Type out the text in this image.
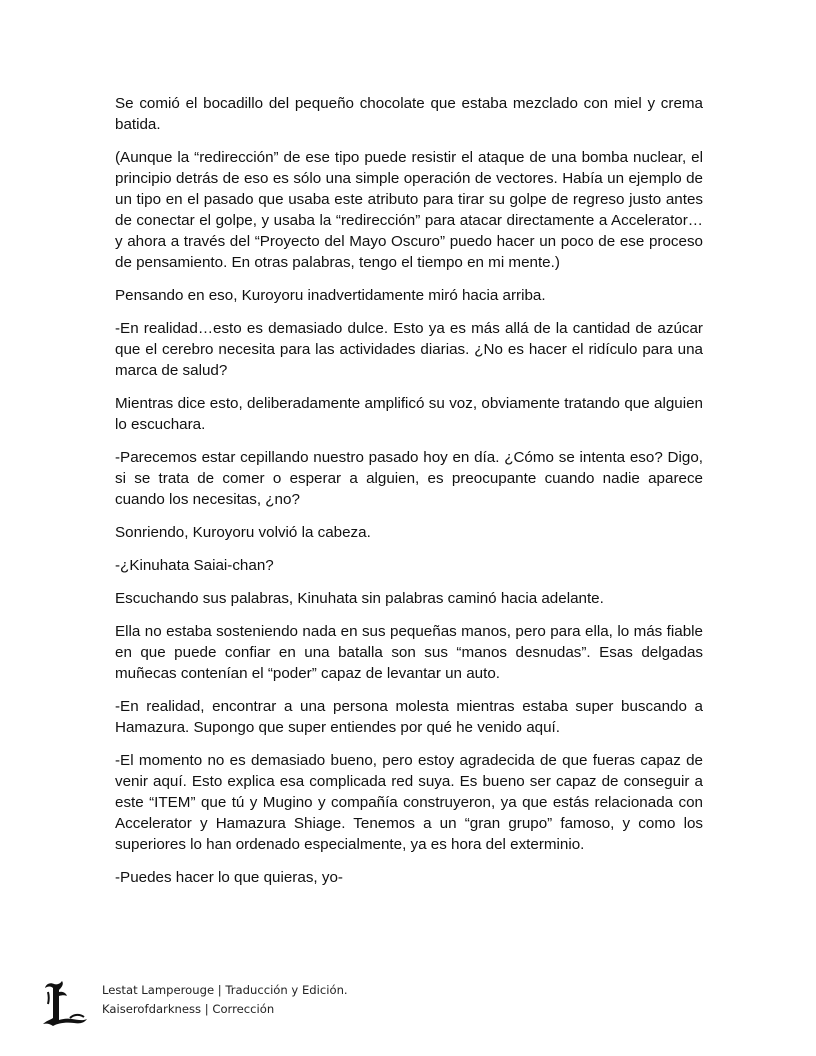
Se comió el bocadillo del pequeño chocolate que estaba mezclado con miel y crema batida.

(Aunque la “redirección” de ese tipo puede resistir el ataque de una bomba nuclear, el principio detrás de eso es sólo una simple operación de vectores. Había un ejemplo de un tipo en el pasado que usaba este atributo para tirar su golpe de regreso justo antes de conectar el golpe, y usaba la “redirección” para atacar directamente a Accelerator…y ahora a través del “Proyecto del Mayo Oscuro” puedo hacer un poco de ese proceso de pensamiento. En otras palabras, tengo el tiempo en mi mente.)

Pensando en eso, Kuroyoru inadvertidamente miró hacia arriba.

-En realidad…esto es demasiado dulce. Esto ya es más allá de la cantidad de azúcar que el cerebro necesita para las actividades diarias. ¿No es hacer el ridículo para una marca de salud?

Mientras dice esto, deliberadamente amplificó su voz, obviamente tratando que alguien lo escuchara.

-Parecemos estar cepillando nuestro pasado hoy en día. ¿Cómo se intenta eso? Digo, si se trata de comer o esperar a alguien, es preocupante cuando nadie aparece cuando los necesitas, ¿no?

Sonriendo, Kuroyoru volvió la cabeza.

-¿Kinuhata Saiai-chan?

Escuchando sus palabras, Kinuhata sin palabras caminó hacia adelante.

Ella no estaba sosteniendo nada en sus pequeñas manos, pero para ella, lo más fiable en que puede confiar en una batalla son sus “manos desnudas”. Esas delgadas muñecas contenían el “poder” capaz de levantar un auto.

-En realidad, encontrar a una persona molesta mientras estaba super buscando a Hamazura. Supongo que super entiendes por qué he venido aquí.

-El momento no es demasiado bueno, pero estoy agradecida de que fueras capaz de venir aquí. Esto explica esa complicada red suya. Es bueno ser capaz de conseguir a este “ITEM” que tú y Mugino y compañía construyeron, ya que estás relacionada con Accelerator y Hamazura Shiage. Tenemos a un “gran grupo” famoso, y como los superiores lo han ordenado especialmente, ya es hora del exterminio.

-Puedes hacer lo que quieras, yo-

Lestat Lamperouge | Traducción y Edición.
Kaiserofdarkness | Corrección
